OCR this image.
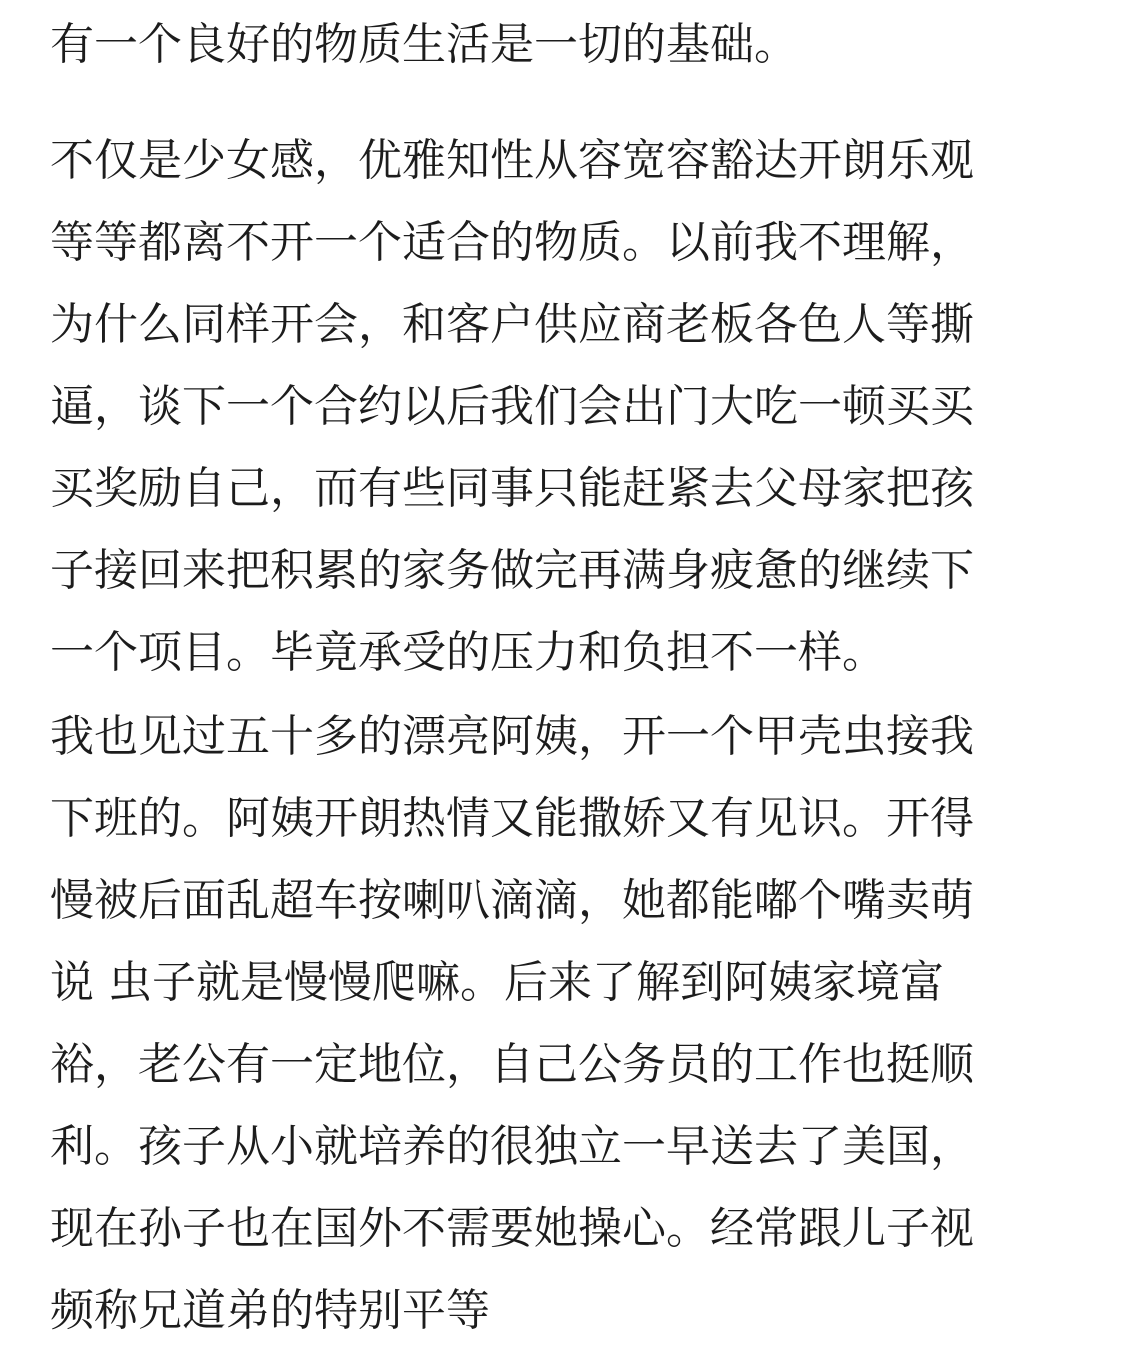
有一个良好的物质生活是一切的基础。

不仅是少女感，优雅知性从容宽容豁达开朗乐观
等等都离不开一个适合的物质。以前我不理解，
为什么同样开会，和客户供应商老板各色人等撕
逼，谈下一个合约以后我们会出门大吃一顿买买
买奖励自己，而有些同事只能赶紧去父母家把孩
子接回来把积累的家务做完再满身疲惫的继续下
一个项目。毕竟承受的压力和负担不一样。

我也见过五十多的漂亮阿姨，开一个甲壳虫接我
下班的。阿姨开朗热情又能撒娇又有见识。开得
慢被后面乱超车按喇叭滴滴，她都能嘟个嘴卖萌
说 虫子就是慢慢爬嘛。后来了解到阿姨家境富
裕，老公有一定地位，自己公务员的工作也挺顺
利。孩子从小就培养的很独立一早送去了美国，
现在孙子也在国外不需要她操心。经常跟儿子视
频称兄道弟的特别平等
